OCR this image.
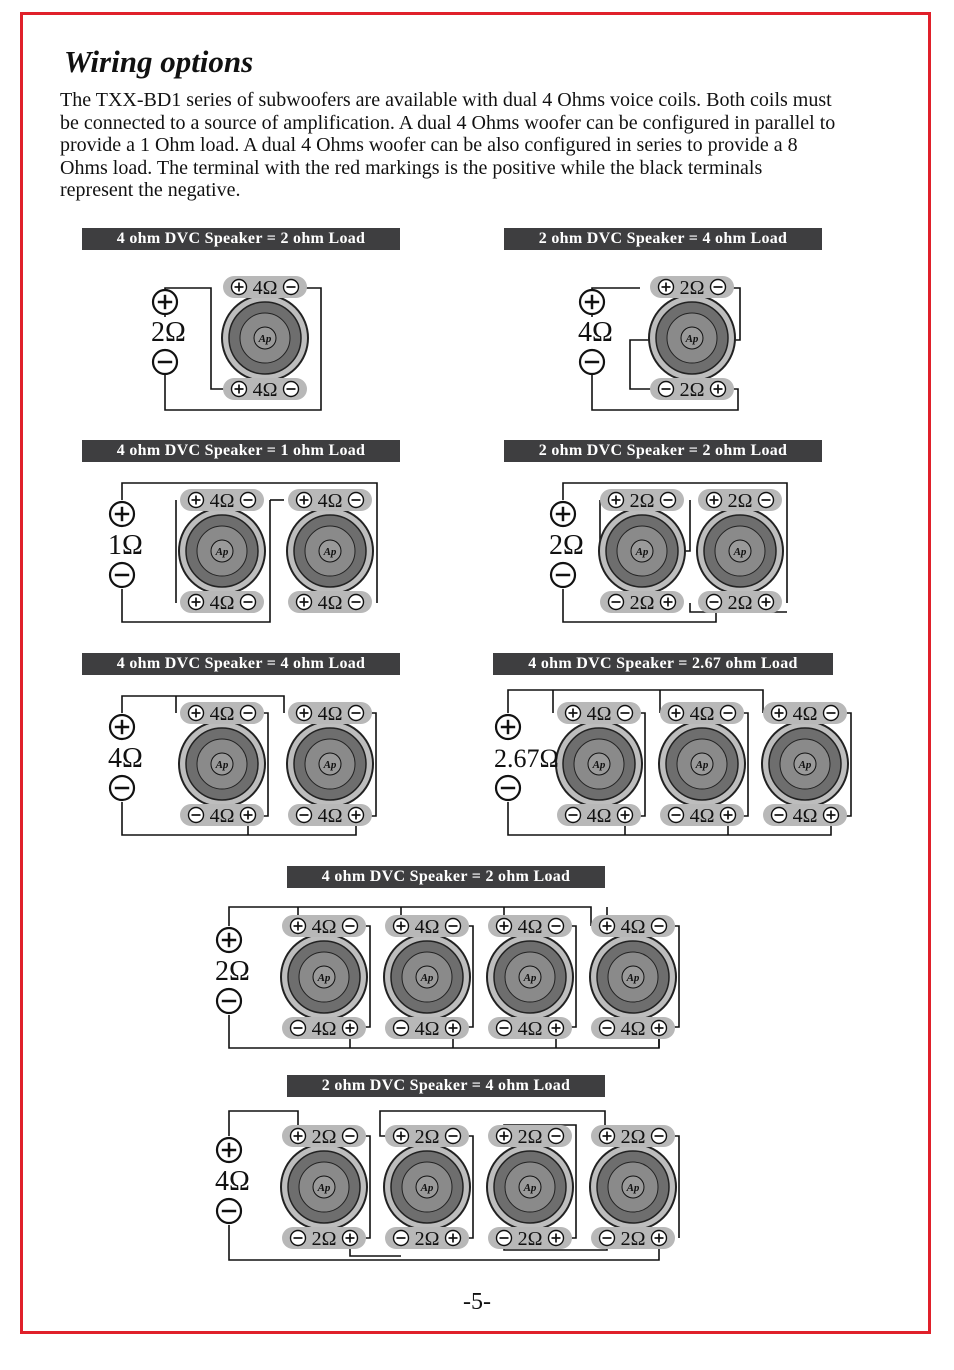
Wiring options

The TXX-BD1 series of subwoofers are available with dual 4 Ohms voice coils. Both coils must be connected to a source of amplification. A dual 4 Ohms woofer can be configured in parallel to provide a 1 Ohm load. A dual 4 Ohms woofer can be also configured in series to provide a 8 Ohms load. The terminal with the red markings is the positive while the black terminals represent the negative.

4 ohm DVC Speaker = 2 ohm Load	2 ohm DVC Speaker = 4 ohm Load
4 ohm DVC Speaker = 1 ohm Load	2 ohm DVC Speaker = 2 ohm Load
4 ohm DVC Speaker = 4 ohm Load	4 ohm DVC Speaker = 2.67 ohm Load
4 ohm DVC Speaker = 2 ohm Load
2 ohm DVC Speaker = 4 ohm Load
Ap
4Ω
4Ω
2Ω	Ap
2Ω
2Ω
4Ω
Ap
4Ω
4Ω
Ap
4Ω
4Ω
1Ω	Ap
2Ω
2Ω
Ap
2Ω
2Ω
2Ω
Ap
4Ω
4Ω
Ap
4Ω
4Ω
4Ω	Ap
4Ω
4Ω
Ap
4Ω
4Ω
Ap
4Ω
4Ω
2.67Ω
Ap
4Ω
4Ω
Ap
4Ω
4Ω
Ap
4Ω
4Ω
Ap
4Ω
4Ω
2Ω
Ap
2Ω
2Ω
Ap
2Ω
2Ω
Ap
2Ω
2Ω
Ap
2Ω
2Ω
4Ω
-5-
